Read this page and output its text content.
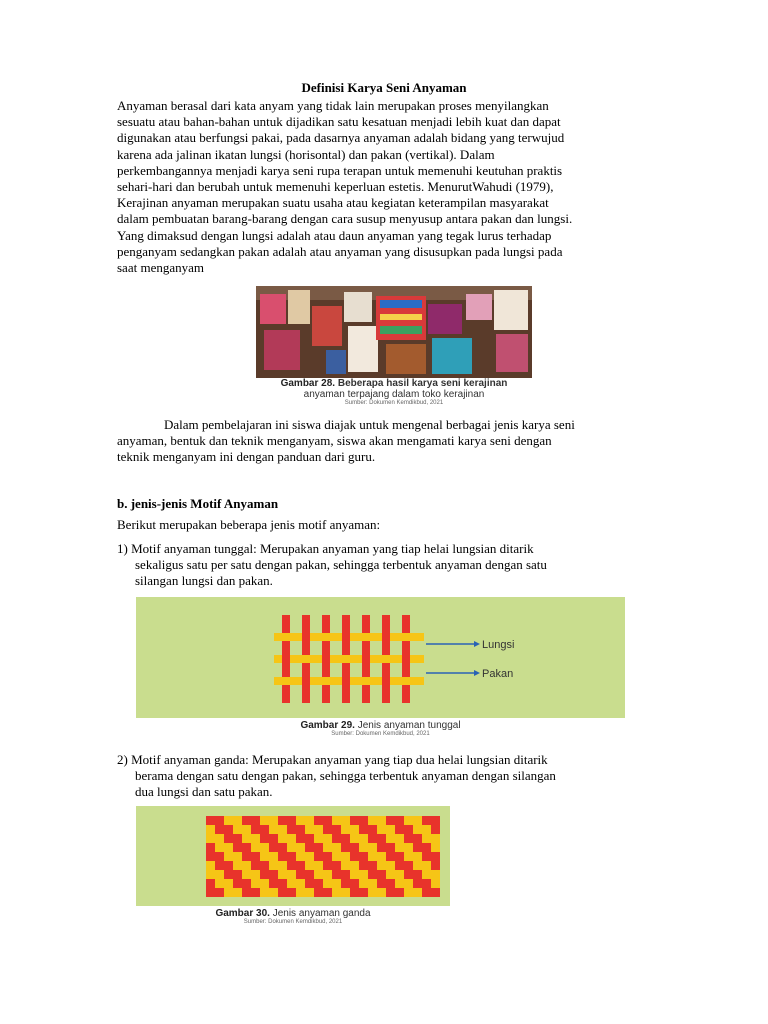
Definisi Karya Seni Anyaman
Anyaman berasal dari kata anyam yang tidak lain merupakan proses menyilangkan
sesuatu atau bahan-bahan untuk dijadikan satu kesatuan menjadi lebih kuat dan dapat
digunakan atau berfungsi pakai, pada dasarnya anyaman adalah bidang yang terwujud
karena ada jalinan ikatan lungsi (horisontal) dan pakan (vertikal). Dalam
perkembangannya menjadi karya seni rupa terapan untuk memenuhi keutuhan praktis
sehari-hari dan berubah untuk memenuhi keperluan estetis. MenurutWahudi (1979),
Kerajinan anyaman merupakan suatu usaha atau kegiatan keterampilan masyarakat
dalam pembuatan barang-barang dengan cara susup menyusup antara pakan dan lungsi.
Yang dimaksud dengan lungsi adalah atau daun anyaman yang tegak lurus terhadap
penganyam sedangkan pakan adalah atau anyaman yang disusupkan pada lungsi pada
saat menganyam
Gambar 28. Beberapa hasil karya seni kerajinan
anyaman terpajang dalam toko kerajinan
Sumber: Dokumen Kemdikbud, 2021
Dalam pembelajaran ini siswa diajak untuk mengenal berbagai jenis karya seni
anyaman, bentuk dan teknik menganyam, siswa akan mengamati karya seni dengan
teknik menganyam ini dengan panduan dari guru.
b. jenis-jenis Motif Anyaman
Berikut merupakan beberapa jenis motif anyaman:
1) Motif anyaman tunggal: Merupakan anyaman yang tiap helai lungsian ditarik
sekaligus satu per satu dengan pakan, sehingga terbentuk anyaman dengan satu
silangan lungsi dan pakan.
Lungsi
Pakan
Gambar 29. Jenis anyaman tunggal
Sumber: Dokumen Kemdikbud, 2021
2) Motif anyaman ganda: Merupakan anyaman yang tiap dua helai lungsian ditarik
berama dengan satu dengan pakan, sehingga terbentuk anyaman dengan silangan
dua lungsi dan satu pakan.
Gambar 30. Jenis anyaman ganda
Sumber: Dokumen Kemdikbud, 2021
